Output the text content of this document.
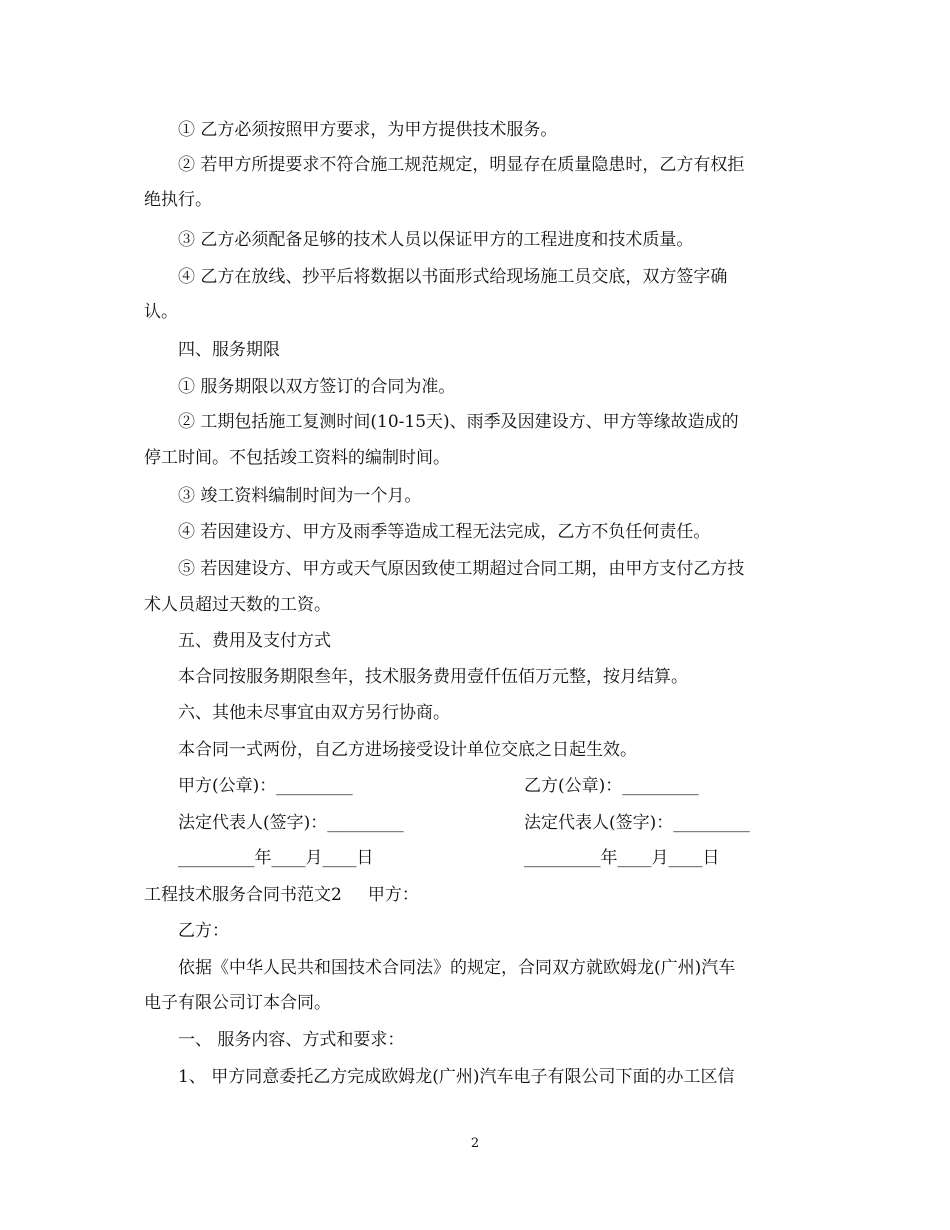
① 乙方必须按照甲方要求，为甲方提供技术服务。
② 若甲方所提要求不符合施工规范规定，明显存在质量隐患时，乙方有权拒
绝执行。
③ 乙方必须配备足够的技术人员以保证甲方的工程进度和技术质量。
④ 乙方在放线、抄平后将数据以书面形式给现场施工员交底，双方签字确
认。
四、服务期限
① 服务期限以双方签订的合同为准。
② 工期包括施工复测时间(10-15天)、雨季及因建设方、甲方等缘故造成的
停工时间。不包括竣工资料的编制时间。
③ 竣工资料编制时间为一个月。
④ 若因建设方、甲方及雨季等造成工程无法完成，乙方不负任何责任。
⑤ 若因建设方、甲方或天气原因致使工期超过合同工期，由甲方支付乙方技
术人员超过天数的工资。
五、费用及支付方式
本合同按服务期限叁年，技术服务费用壹仟伍佰万元整，按月结算。
六、其他未尽事宜由双方另行协商。
本合同一式两份，自乙方进场接受设计单位交底之日起生效。
甲方(公章)：_________	乙方(公章)：_________
法定代表人(签字)：_________	法定代表人(签字)：_________
_________年____月____日	_________年____月____日
工程技术服务合同书范文2 甲方：
乙方：
依据《中华人民共和国技术合同法》的规定，合同双方就欧姆龙(广州)汽车
电子有限公司订本合同。
一、 服务内容、方式和要求：
1、 甲方同意委托乙方完成欧姆龙(广州)汽车电子有限公司下面的办工区信
2
